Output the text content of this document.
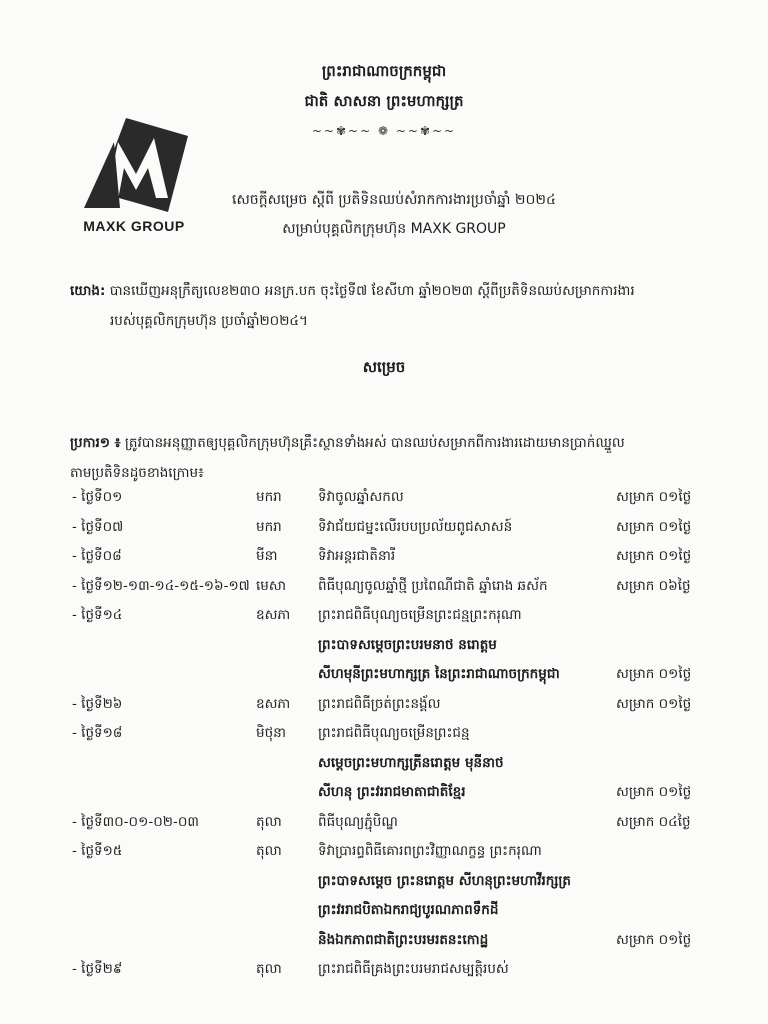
ព្រះរាជាណាចក្រកម្ពុជា
ជាតិ សាសនា ព្រះមហាក្សត្រ
~~✾~~ ❁ ~~✾~~
MAXK GROUP
សេចក្តីសម្រេច ស្តីពី ប្រតិទិនឈប់សំរាកការងារប្រចាំឆ្នាំ ២០២៤
សម្រាប់បុគ្គលិកក្រុមហ៊ុន MAXK GROUP
យោង: បានឃើញអនុក្រឹត្យលេខ២៣០ អនក្រ.បក ចុះថ្ងៃទី៧ ខែសីហា ឆ្នាំ២០២៣ ស្តីពីប្រតិទិនឈប់សម្រាកការងារ
របស់បុគ្គលិកក្រុមហ៊ុន ប្រចាំឆ្នាំ២០២៤។
សម្រេច
ប្រការ១ ៖ ត្រូវបានអនុញ្ញាតឲ្យបុគ្គលិកក្រុមហ៊ុនគ្រឹះស្ថានទាំងអស់ បានឈប់សម្រាកពីការងារដោយមានប្រាក់ឈ្នួល
តាមប្រតិទិនដូចខាងក្រោម៖
- ថ្ងៃទី០១	មករា	ទិវាចូលឆ្នាំសកល	សម្រាក ០១ថ្ងៃ
- ថ្ងៃទី០៧	មករា	ទិវាជ័យជម្នះលើរបបប្រល័យពូជសាសន៍	សម្រាក ០១ថ្ងៃ
- ថ្ងៃទី០៨	មីនា	ទិវាអន្តរជាតិនារី	សម្រាក ០១ថ្ងៃ
- ថ្ងៃទី១២-១៣-១៤-១៥-១៦-១៧ មេសា ពិធីបុណ្យចូលឆ្នាំថ្មី ប្រពៃណីជាតិ ឆ្នាំរោង ឆស័ក	សម្រាក ០៦ថ្ងៃ
- ថ្ងៃទី១៤	ឧសភា ព្រះរាជពិធីបុណ្យចម្រើនព្រះជន្មព្រះករុណា
ព្រះបាទសម្តេចព្រះបរមនាថ នរោត្តម
សីហមុនីព្រះមហាក្សត្រ នៃព្រះរាជាណាចក្រកម្ពុជា	សម្រាក ០១ថ្ងៃ
- ថ្ងៃទី២៦	ឧសភា ព្រះរាជពិធីច្រត់ព្រះនង្គ័ល	សម្រាក ០១ថ្ងៃ
- ថ្ងៃទី១៨	មិថុនា ព្រះរាជពិធីបុណ្យចម្រើនព្រះជន្ម
សម្តេចព្រះមហាក្សត្រីនរោត្តម មុនីនាថ
សីហនុ ព្រះវររាជមាតាជាតិខ្មែរ	សម្រាក ០១ថ្ងៃ
- ថ្ងៃទី៣០-០១-០២-០៣	តុលា	ពិធីបុណ្យភ្ជុំបិណ្ឌ	សម្រាក ០៤ថ្ងៃ
- ថ្ងៃទី១៥	តុលា	ទិវាប្រារព្ធពិធីគោរពព្រះវិញ្ញាណក្ខន្ធ ព្រះករុណា
ព្រះបាទសម្តេច ព្រះនរោត្តម សីហនុព្រះមហាវីរក្សត្រ
ព្រះវររាជបិតាឯករាជ្យបូរណភាពទឹកដី
និងឯកភាពជាតិព្រះបរមរតនះកោដ្ឋ	សម្រាក ០១ថ្ងៃ
- ថ្ងៃទី២៩	តុលា	ព្រះរាជពិធីគ្រងព្រះបរមរាជសម្បត្តិរបស់
